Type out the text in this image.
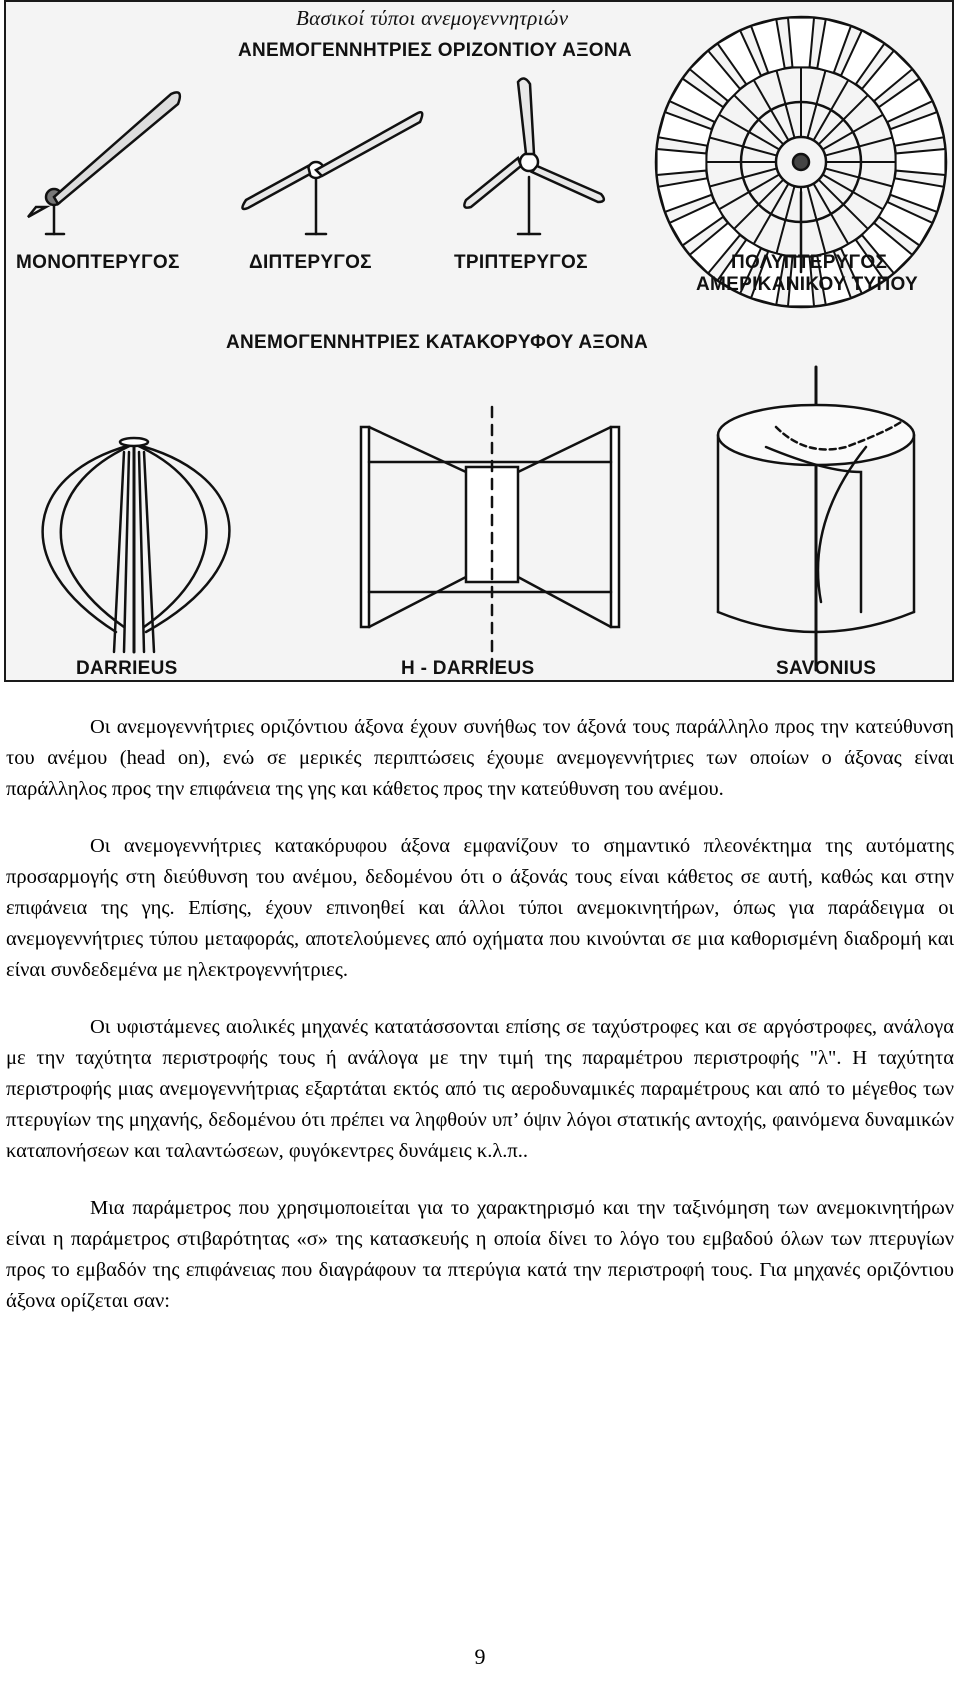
Βασικοί τύποι ανεμογεννητριών
ΑΝΕΜΟΓΕΝΝΗΤΡΙΕΣ ΟΡΙΖΟΝΤΙΟΥ ΑΞΟΝΑ
ΜΟΝΟΠΤΕΡΥΓΟΣ	ΔΙΠΤΕΡΥΓΟΣ	ΤΡΙΠΤΕΡΥΓΟΣ	ΠΟΛΥΠΤΕΡΥΓΟΣ
ΑΜΕΡΙΚΑΝΙΚΟΥ ΤΥΠΟΥ
ΑΝΕΜΟΓΕΝΝΗΤΡΙΕΣ ΚΑΤΑΚΟΡΥΦΟΥ ΑΞΟΝΑ
DARRIEUS	H - DARRIEUS	SAVONIUS

Οι ανεμογεννήτριες οριζόντιου άξονα έχουν συνήθως τον άξονά τους παράλληλο προς την κατεύθυνση του ανέμου (head on), ενώ σε μερικές περιπτώσεις έχουμε ανεμογεννήτριες των οποίων ο άξονας είναι παράλληλος προς την επιφάνεια της γης και κάθετος προς την κατεύθυνση του ανέμου.

Οι ανεμογεννήτριες κατακόρυφου άξονα εμφανίζουν το σημαντικό πλεονέκτημα της αυτόματης προσαρμογής στη διεύθυνση του ανέμου, δεδομένου ότι ο άξονάς τους είναι κάθετος σε αυτή, καθώς και στην επιφάνεια της γης. Επίσης, έχουν επινοηθεί και άλλοι τύποι ανεμοκινητήρων, όπως για παράδειγμα οι ανεμογεννήτριες τύπου μεταφοράς, αποτελούμενες από οχήματα που κινούνται σε μια καθορισμένη διαδρομή και είναι συνδεδεμένα με ηλεκτρογεννήτριες.

Οι υφιστάμενες αιολικές μηχανές κατατάσσονται επίσης σε ταχύστροφες και σε αργόστροφες, ανάλογα με την ταχύτητα περιστροφής τους ή ανάλογα με την τιμή της παραμέτρου περιστροφής "λ". Η ταχύτητα περιστροφής μιας ανεμογεννήτριας εξαρτάται εκτός από τις αεροδυναμικές παραμέτρους και από το μέγεθος των πτερυγίων της μηχανής, δεδομένου ότι πρέπει να ληφθούν υπ’ όψιν λόγοι στατικής αντοχής, φαινόμενα δυναμικών καταπονήσεων και ταλαντώσεων, φυγόκεντρες δυνάμεις κ.λ.π..

Μια παράμετρος που χρησιμοποιείται για το χαρακτηρισμό και την ταξινόμηση των ανεμοκινητήρων είναι η παράμετρος στιβαρότητας «σ» της κατασκευής η οποία δίνει το λόγο του εμβαδού όλων των πτερυγίων προς το εμβαδόν της επιφάνειας που διαγράφουν τα πτερύγια κατά την περιστροφή τους. Για μηχανές οριζόντιου άξονα ορίζεται σαν:

9
